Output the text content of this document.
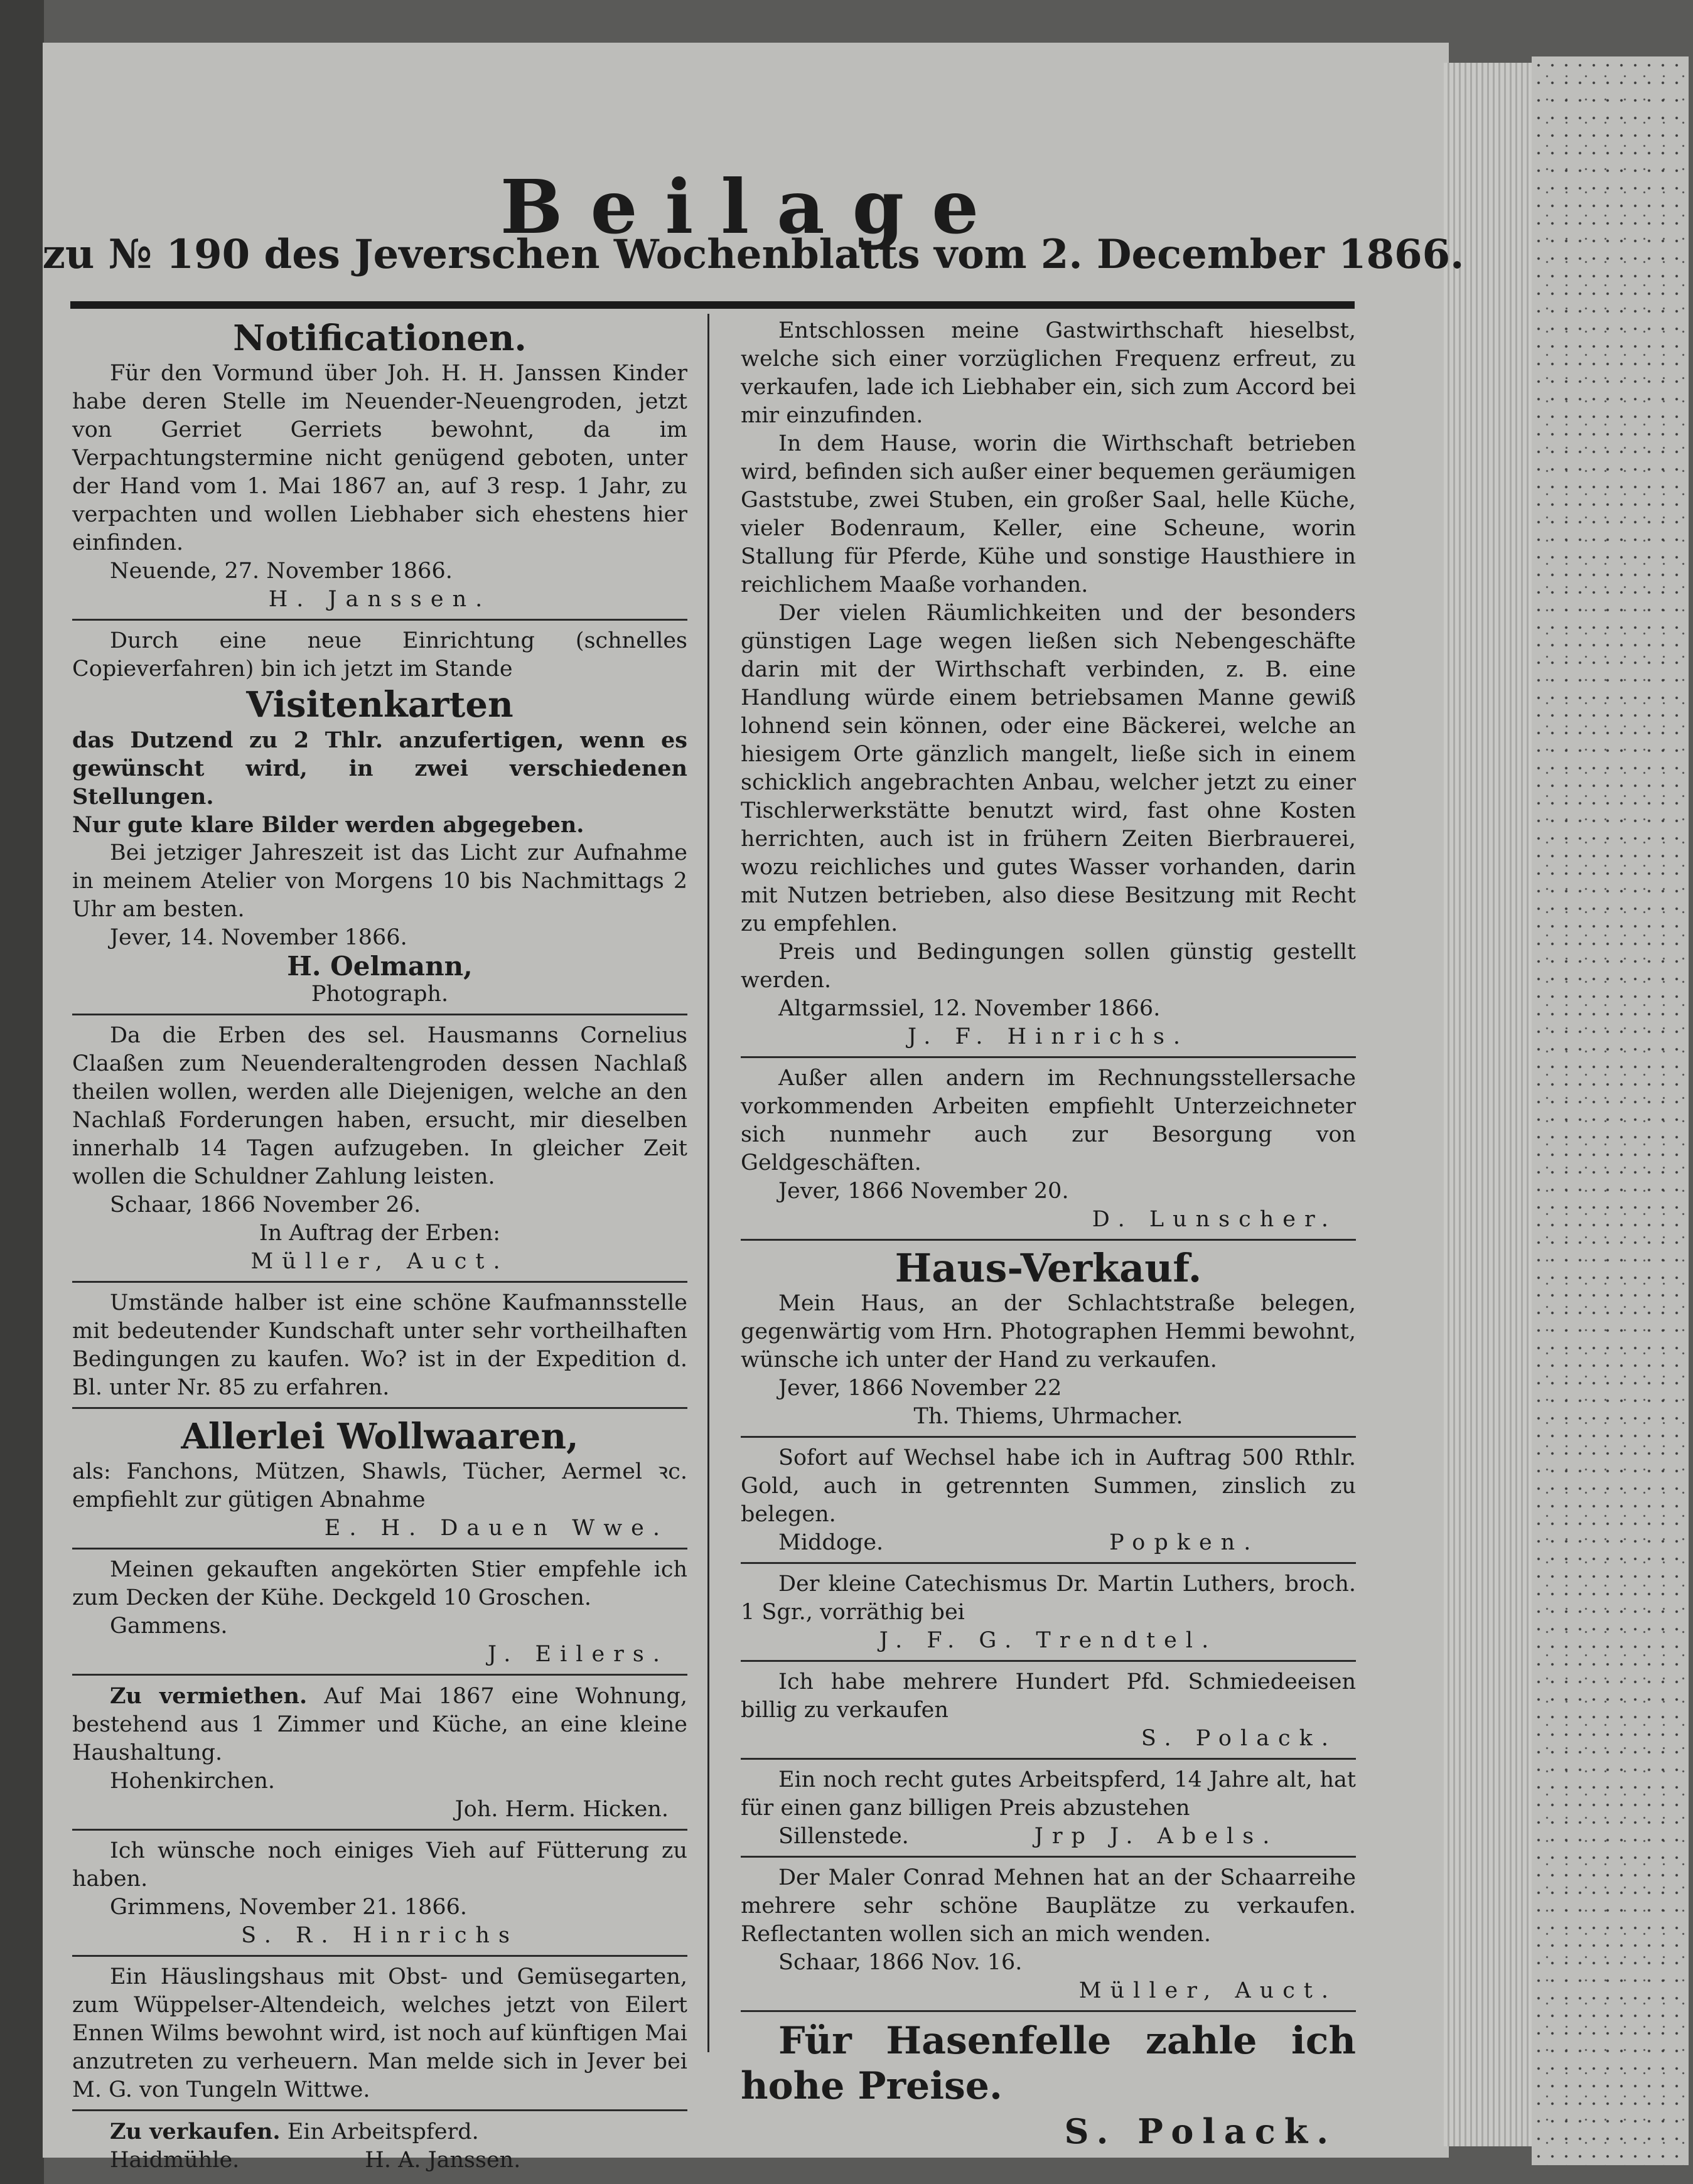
Beilage
zu № 190 des Jeverschen Wochenblatts vom 2. December 1866.
Notificationen.

Für den Vormund über Joh. H. H. Janssen Kinder habe deren Stelle im Neuender-Neuengroden, jetzt von Gerriet Gerriets bewohnt, da im Verpachtungstermine nicht genügend geboten, unter der Hand vom 1. Mai 1867 an, auf 3 resp. 1 Jahr, zu verpachten und wollen Liebhaber sich ehestens hier einfinden.

Neuende, 27. November 1866.

H. Janssen.

Durch eine neue Einrichtung (schnelles Copieverfahren) bin ich jetzt im Stande

Visitenkarten

das Dutzend zu 2 Thlr. anzufertigen, wenn es gewünscht wird, in zwei verschiedenen Stellungen.

Nur gute klare Bilder werden abgegeben.

Bei jetziger Jahreszeit ist das Licht zur Aufnahme in meinem Atelier von Morgens 10 bis Nachmittags 2 Uhr am besten.

Jever, 14. November 1866.

H. Oelmann,

Photograph.

Da die Erben des sel. Hausmanns Cornelius Claaßen zum Neuenderaltengroden dessen Nachlaß theilen wollen, werden alle Diejenigen, welche an den Nachlaß Forderungen haben, ersucht, mir dieselben innerhalb 14 Tagen aufzugeben. In gleicher Zeit wollen die Schuldner Zahlung leisten.

Schaar, 1866 November 26.

In Auftrag der Erben:

Müller, Auct.

Umstände halber ist eine schöne Kaufmannsstelle mit bedeutender Kundschaft unter sehr vortheilhaften Bedingungen zu kaufen. Wo? ist in der Expedition d. Bl. unter Nr. 85 zu erfahren.

Allerlei Wollwaaren,

als: Fanchons, Mützen, Shawls, Tücher, Aermel ꝛc. empfiehlt zur gütigen Abnahme

E. H. Dauen Wwe.

Meinen gekauften angekörten Stier empfehle ich zum Decken der Kühe. Deckgeld 10 Groschen.

Gammens.

J. Eilers.

Zu vermiethen. Auf Mai 1867 eine Wohnung, bestehend aus 1 Zimmer und Küche, an eine kleine Haushaltung.

Hohenkirchen.

Joh. Herm. Hicken.

Ich wünsche noch einiges Vieh auf Fütterung zu haben.

Grimmens, November 21. 1866.

S. R. Hinrichs

Ein Häuslingshaus mit Obst- und Gemüsegarten, zum Wüppelser-Altendeich, welches jetzt von Eilert Ennen Wilms bewohnt wird, ist noch auf künftigen Mai anzutreten zu verheuern. Man melde sich in Jever bei M. G. von Tungeln Wittwe.

Zu verkaufen. Ein Arbeitspferd.

Haidmühle.	H. A. Janssen.

Entschlossen meine Gastwirthschaft hieselbst, welche sich einer vorzüglichen Frequenz erfreut, zu verkaufen, lade ich Liebhaber ein, sich zum Accord bei mir einzufinden.

In dem Hause, worin die Wirthschaft betrieben wird, befinden sich außer einer bequemen geräumigen Gaststube, zwei Stuben, ein großer Saal, helle Küche, vieler Bodenraum, Keller, eine Scheune, worin Stallung für Pferde, Kühe und sonstige Hausthiere in reichlichem Maaße vorhanden.

Der vielen Räumlichkeiten und der besonders günstigen Lage wegen ließen sich Nebengeschäfte darin mit der Wirthschaft verbinden, z. B. eine Handlung würde einem betriebsamen Manne gewiß lohnend sein können, oder eine Bäckerei, welche an hiesigem Orte gänzlich mangelt, ließe sich in einem schicklich angebrachten Anbau, welcher jetzt zu einer Tischlerwerkstätte benutzt wird, fast ohne Kosten herrichten, auch ist in frühern Zeiten Bierbrauerei, wozu reichliches und gutes Wasser vorhanden, darin mit Nutzen betrieben, also diese Besitzung mit Recht zu empfehlen.

Preis und Bedingungen sollen günstig gestellt werden.

Altgarmssiel, 12. November 1866.

J. F. Hinrichs.

Außer allen andern im Rechnungsstellersache vorkommenden Arbeiten empfiehlt Unterzeichneter sich nunmehr auch zur Besorgung von Geldgeschäften.

Jever, 1866 November 20.

D. Lunscher.

Haus-Verkauf.

Mein Haus, an der Schlachtstraße belegen, gegenwärtig vom Hrn. Photographen Hemmi bewohnt, wünsche ich unter der Hand zu verkaufen.

Jever, 1866 November 22

Th. Thiems, Uhrmacher.

Sofort auf Wechsel habe ich in Auftrag 500 Rthlr. Gold, auch in getrennten Summen, zinslich zu belegen.

Middoge.	Popken.

Der kleine Catechismus Dr. Martin Luthers, broch. 1 Sgr., vorräthig bei

J. F. G. Trendtel.

Ich habe mehrere Hundert Pfd. Schmiedeeisen billig zu verkaufen

S. Polack.

Ein noch recht gutes Arbeitspferd, 14 Jahre alt, hat für einen ganz billigen Preis abzustehen

Sillenstede.	Jrp J. Abels.

Der Maler Conrad Mehnen hat an der Schaarreihe mehrere sehr schöne Bauplätze zu verkaufen. Reflectanten wollen sich an mich wenden.

Schaar, 1866 Nov. 16.

Müller, Auct.

Für Hasenfelle zahle ich hohe Preise.

S. Polack.
